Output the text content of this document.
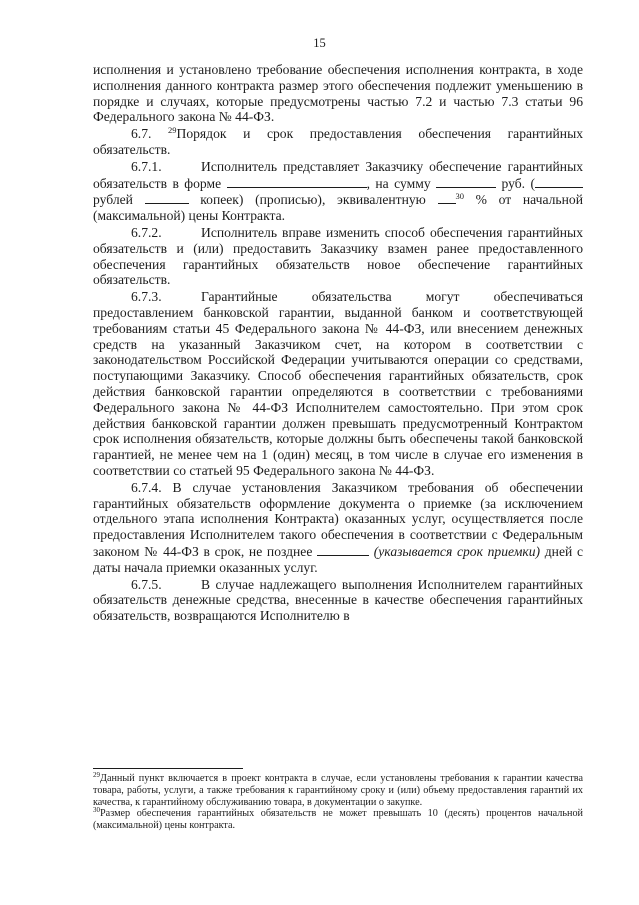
15

исполнения и установлено требование обеспечения исполнения контракта, в ходе исполнения данного контракта размер этого обеспечения подлежит уменьшению в порядке и случаях, которые предусмотрены частью 7.2 и частью 7.3 статьи 96 Федерального закона № 44-ФЗ.

6.7. $^{29}$Порядок и срок предоставления обеспечения гарантийных обязательств.

6.7.1.	Исполнитель представляет Заказчику обеспечение гарантийных обязательств в форме	, на сумму	руб. ( рублей	копеек) (прописью), эквивалентную	$^{30}$ % от начальной (максимальной) цены Контракта.

6.7.2.	Исполнитель вправе изменить способ обеспечения гарантийных обязательств и (или) предоставить Заказчику взамен ранее предоставленного обеспечения гарантийных обязательств новое обеспечение гарантийных обязательств.

6.7.3.	Гарантийные обязательства могут обеспечиваться предоставлением банковской гарантии, выданной банком и соответствующей требованиям статьи 45 Федерального закона № 44-ФЗ, или внесением денежных средств на указанный Заказчиком счет, на котором в соответствии с законодательством Российской Федерации учитываются операции со средствами, поступающими Заказчику. Способ обеспечения гарантийных обязательств, срок действия банковской гарантии определяются в соответствии с требованиями Федерального закона № 44-ФЗ Исполнителем самостоятельно. При этом срок действия банковской гарантии должен превышать предусмотренный Контрактом срок исполнения обязательств, которые должны быть обеспечены такой банковской гарантией, не менее чем на 1 (один) месяц, в том числе в случае его изменения в соответствии со статьей 95 Федерального закона № 44-ФЗ.

6.7.4. В случае установления Заказчиком требования об обеспечении гарантийных обязательств оформление документа о приемке (за исключением отдельного этапа исполнения Контракта) оказанных услуг, осуществляется после предоставления Исполнителем такого обеспечения в соответствии с Федеральным законом № 44-ФЗ в срок, не позднее	(указывается срок приемки) дней с даты начала приемки оказанных услуг.

6.7.5.	В случае надлежащего выполнения Исполнителем гарантийных обязательств денежные средства, внесенные в качестве обеспечения гарантийных обязательств, возвращаются Исполнителю в

$^{29}$Данный пункт включается в проект контракта в случае, если установлены требования к гарантии качества товара, работы, услуги, а также требования к гарантийному сроку и (или) объему предоставления гарантий их качества, к гарантийному обслуживанию товара, в документации о закупке.

$^{30}$Размер обеспечения гарантийных обязательств не может превышать 10 (десять) процентов начальной (максимальной) цены контракта.
